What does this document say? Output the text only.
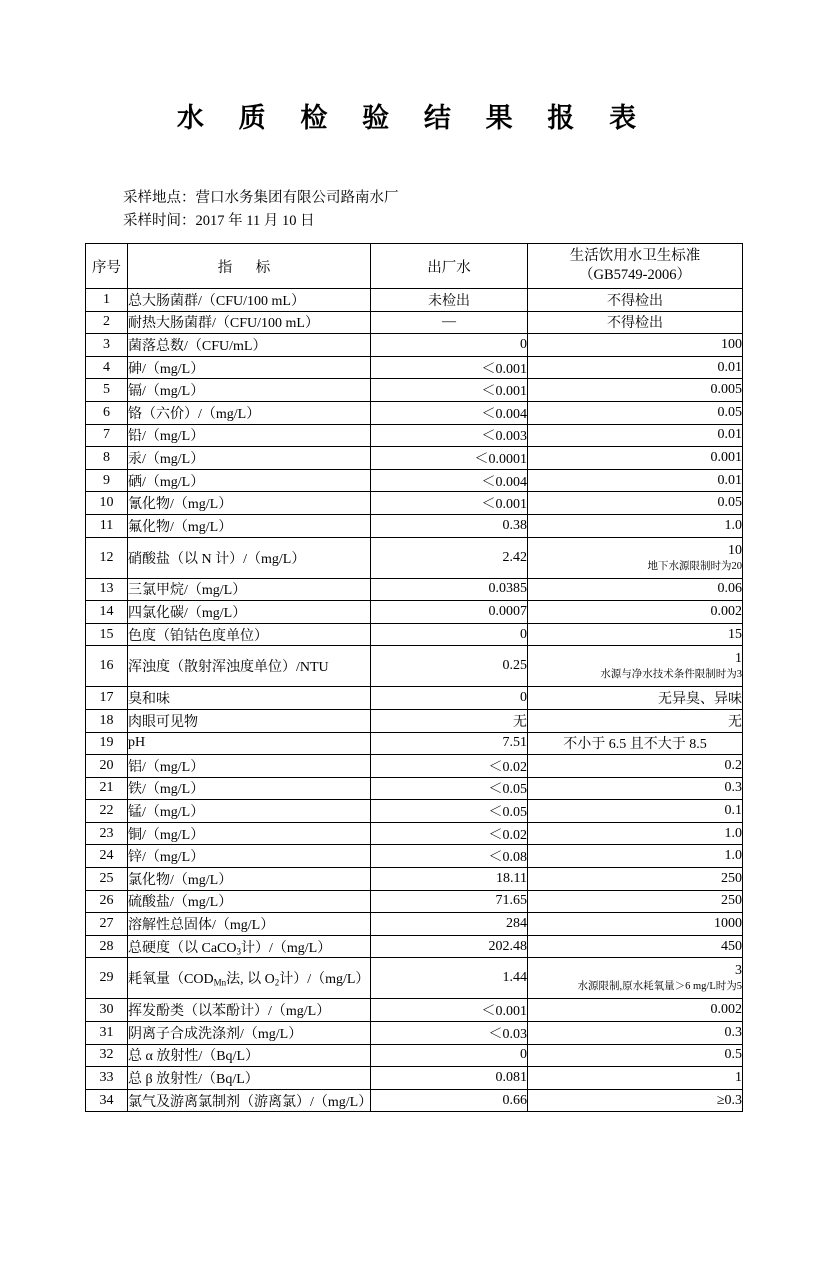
水 质 检 验 结 果 报 表
采样地点：营口水务集团有限公司路南水厂
采样时间：2017 年 11 月 10 日
序号	指 标	出厂水	生活饮用水卫生标准
（GB5749-2006）

1	总大肠菌群/（CFU/100 mL）	未检出	不得检出
2	耐热大肠菌群/（CFU/100 mL）	—	不得检出
3	菌落总数/（CFU/mL）	0	100
4	砷/（mg/L）	＜0.001	0.01
5	镉/（mg/L）	＜0.001	0.005
6	铬（六价）/（mg/L）	＜0.004	0.05
7	铅/（mg/L）	＜0.003	0.01
8	汞/（mg/L）	＜0.0001	0.001
9	硒/（mg/L）	＜0.004	0.01
10	氰化物/（mg/L）	＜0.001	0.05
11	氟化物/（mg/L）	0.38	1.0
12	硝酸盐（以 N 计）/（mg/L）	2.42	10
地下水源限制时为20

13	三氯甲烷/（mg/L）	0.0385	0.06
14	四氯化碳/（mg/L）	0.0007	0.002
15	色度（铂钴色度单位）	0	15
16	浑浊度（散射浑浊度单位）/NTU	0.25	1
水源与净水技术条件限制时为3

17	臭和味	0	无异臭、异味
18	肉眼可见物	无	无
19	pH	7.51	不小于 6.5 且不大于 8.5
20	铝/（mg/L）	＜0.02	0.2
21	铁/（mg/L）	＜0.05	0.3
22	锰/（mg/L）	＜0.05	0.1
23	铜/（mg/L）	＜0.02	1.0
24	锌/（mg/L）	＜0.08	1.0
25	氯化物/（mg/L）	18.11	250
26	硫酸盐/（mg/L）	71.65	250
27	溶解性总固体/（mg/L）	284	1000
28	总硬度（以 CaCO$_3$计）/（mg/L）	202.48	450
29	耗氧量（$COD_{Mn}$法, 以 $O_2$计）/（mg/L）	1.44	3
水源限制,原水耗氧量＞6 mg/L时为5

30	挥发酚类（以苯酚计）/（mg/L）	＜0.001	0.002
31	阴离子合成洗涤剂/（mg/L）	＜0.03	0.3
32	总 α 放射性/（Bq/L）	0	0.5
33	总 β 放射性/（Bq/L）	0.081	1
34	氯气及游离氯制剂（游离氯）/（mg/L）	0.66	≥0.3
